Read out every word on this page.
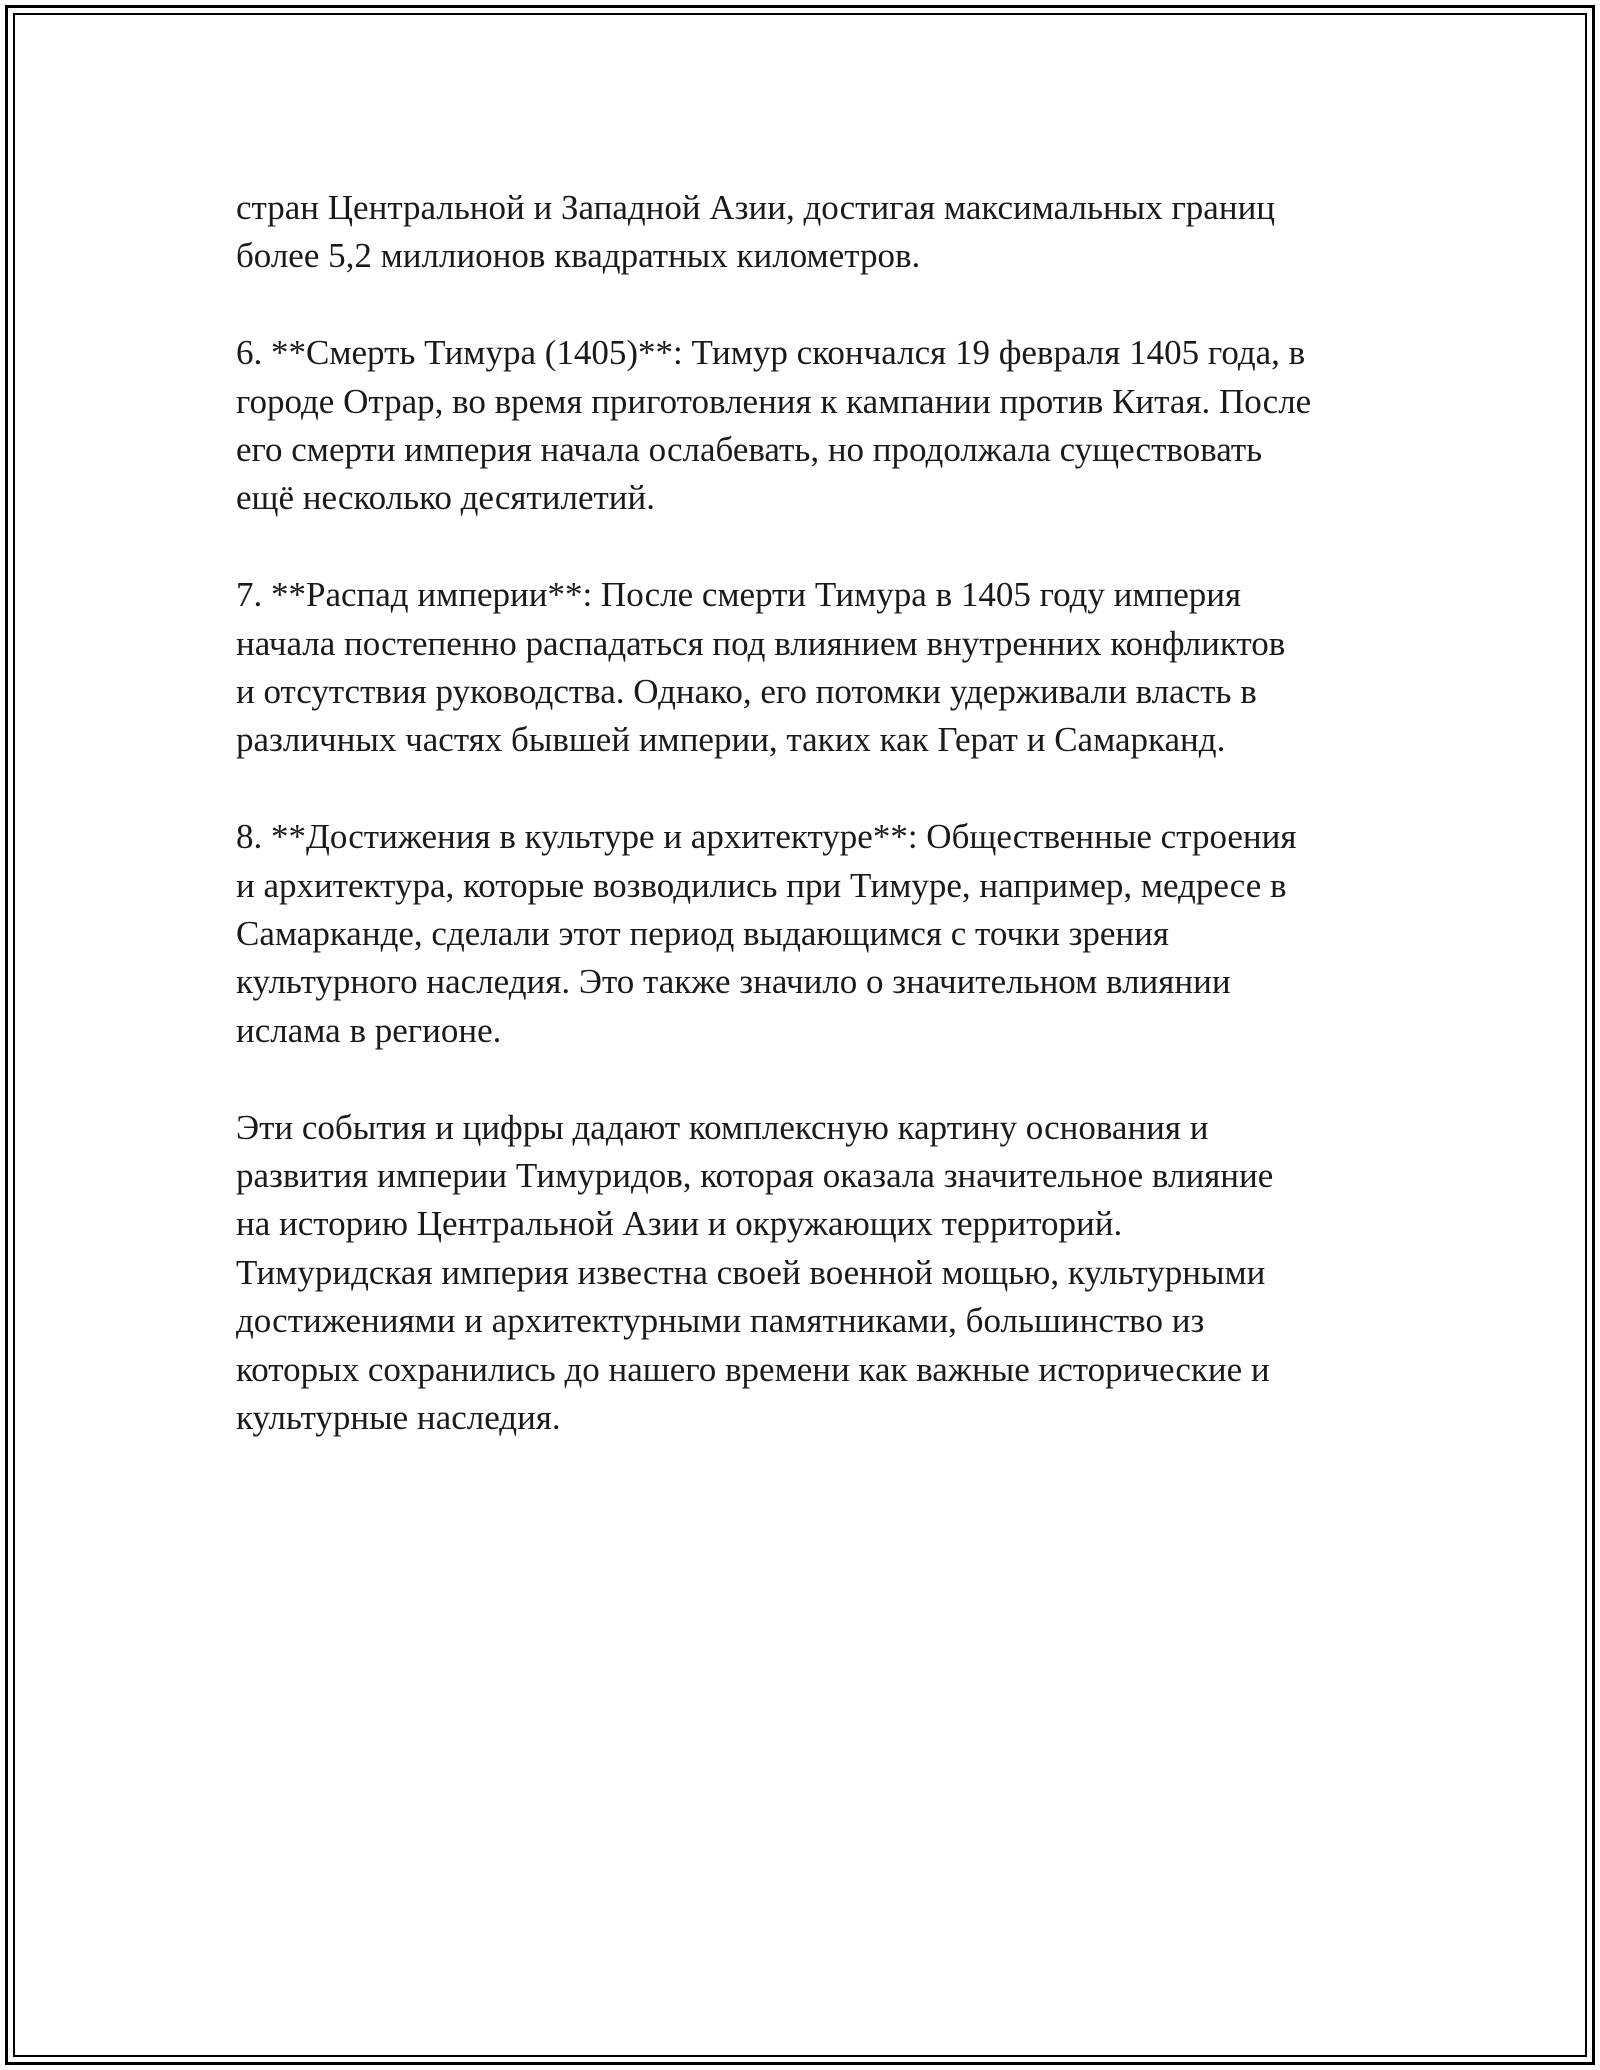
стран Центральной и Западной Азии, достигая максимальных границ
более 5,2 миллионов квадратных километров.

6. **Смерть Тимура (1405)**: Тимур скончался 19 февраля 1405 года, в
городе Отрар, во время приготовления к кампании против Китая. После
его смерти империя начала ослабевать, но продолжала существовать
ещё несколько десятилетий.

7. **Распад империи**: После смерти Тимура в 1405 году империя
начала постепенно распадаться под влиянием внутренних конфликтов
и отсутствия руководства. Однако, его потомки удерживали власть в
различных частях бывшей империи, таких как Герат и Самарканд.

8. **Достижения в культуре и архитектуре**: Общественные строения
и архитектура, которые возводились при Тимуре, например, медресе в
Самарканде, сделали этот период выдающимся с точки зрения
культурного наследия. Это также значило о значительном влиянии
ислама в регионе.

Эти события и цифры дадают комплексную картину основания и
развития империи Тимуридов, которая оказала значительное влияние
на историю Центральной Азии и окружающих территорий.
Тимуридская империя известна своей военной мощью, культурными
достижениями и архитектурными памятниками, большинство из
которых сохранились до нашего времени как важные исторические и
культурные наследия.
